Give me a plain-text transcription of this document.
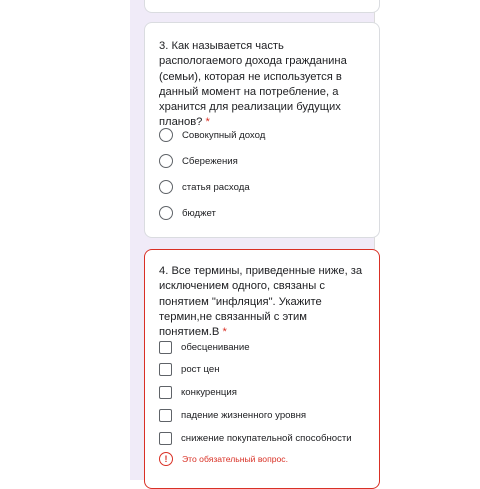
3. Как называется часть распологаемого дохода гражданина (семьи), которая не используется в данный момент на потребление, а хранится для реализации будущих планов? *
Совокупный доход
Сбережения
статья расхода
бюджет
4. Все термины, приведенные ниже, за исключением одного, связаны с понятием "инфляция". Укажите термин,не связанный с этим понятием.В *
обесценивание
рост цен
конкуренция
падение жизненного уровня
снижение покупательной способности
!	Это обязательный вопрос.
